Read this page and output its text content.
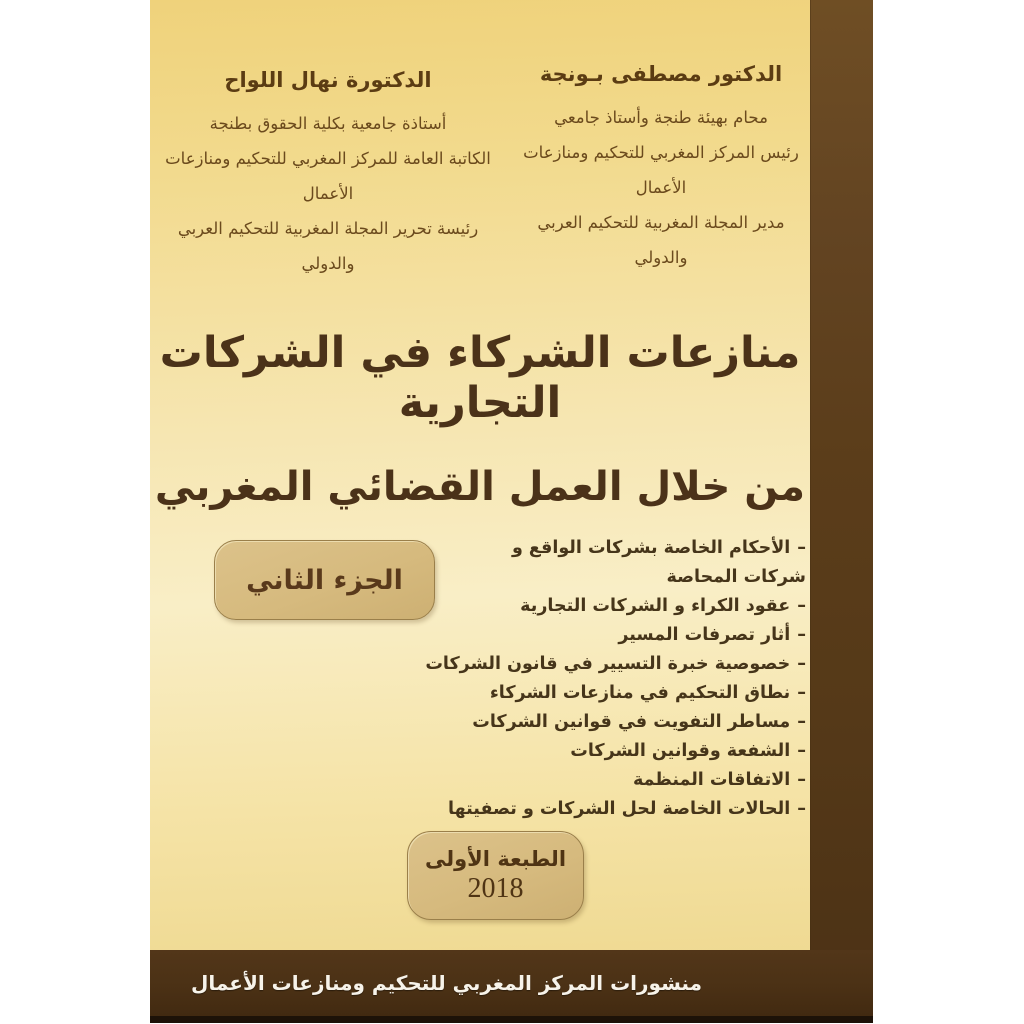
الدكتور مصطفى بـونجة
محام بهيئة طنجة وأستاذ جامعي
رئيس المركز المغربي للتحكيم ومنازعات الأعمال
مدير المجلة المغربية للتحكيم العربي والدولي
الدكتورة نهال اللواح
أستاذة جامعية بكلية الحقوق بطنجة
الكاتبة العامة للمركز المغربي للتحكيم ومنازعات الأعمال
رئيسة تحرير المجلة المغربية للتحكيم العربي والدولي
منازعات الشركاء في الشركات التجارية
من خلال العمل القضائي المغربي
الجزء الثاني
–الأحكام الخاصة بشركات الواقع و شركات المحاصة
–عقود الكراء و الشركات التجارية
–أثار تصرفات المسير
–خصوصية خبرة التسيير في قانون الشركات
–نطاق التحكيم في منازعات الشركاء
–مساطر التفويت في قوانين الشركات
–الشفعة وقوانين الشركات
–الاتفاقات المنظمة
–الحالات الخاصة لحل الشركات و تصفيتها
الطبعة الأولى
2018
منشورات المركز المغربي للتحكيم ومنازعات الأعمال
